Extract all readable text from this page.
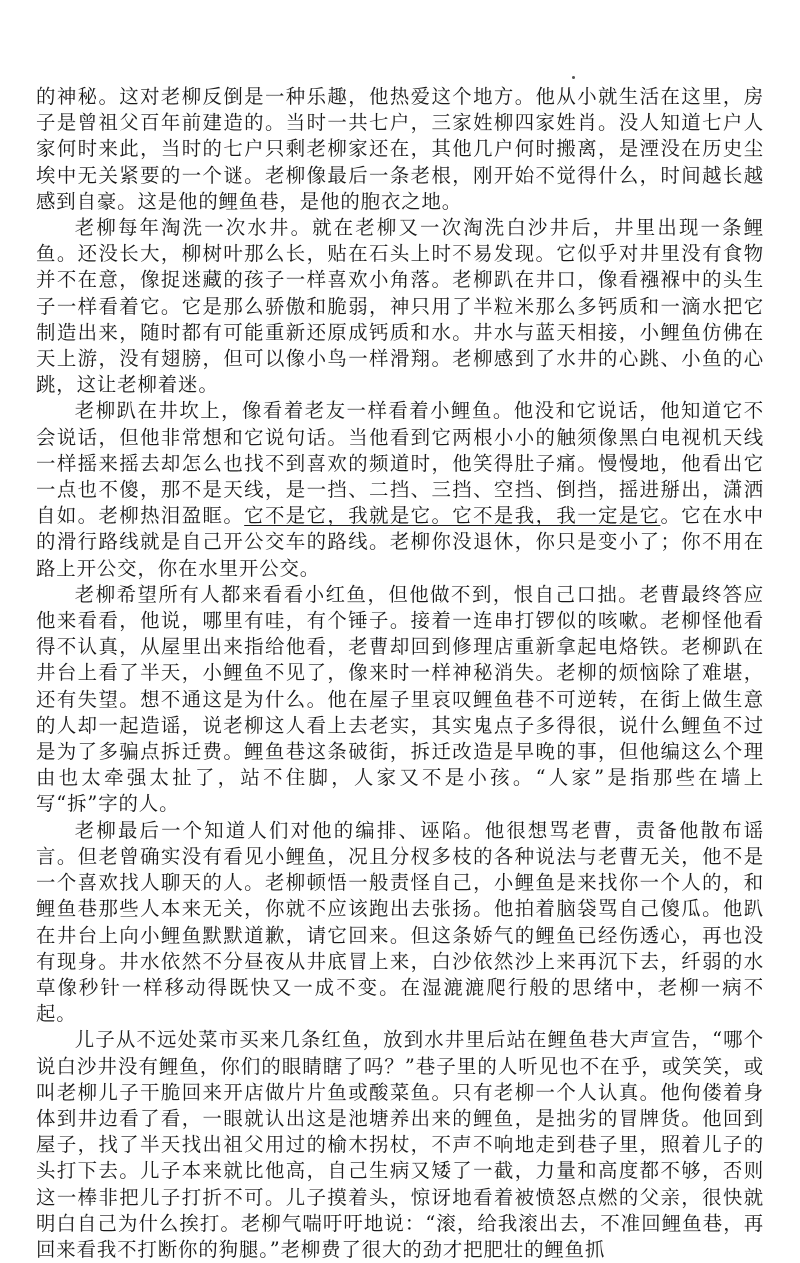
的神秘。这对老柳反倒是一种乐趣，他热爱这个地方。他从小就生活在这里，房子是曾祖父百年前建造的。当时一共七户，三家姓柳四家姓肖。没人知道七户人家何时来此，当时的七户只剩老柳家还在，其他几户何时搬离，是湮没在历史尘埃中无关紧要的一个谜。老柳像最后一条老根，刚开始不觉得什么，时间越长越感到自豪。这是他的鲤鱼巷，是他的胞衣之地。

老柳每年淘洗一次水井。就在老柳又一次淘洗白沙井后，井里出现一条鲤鱼。还没长大，柳树叶那么长，贴在石头上时不易发现。它似乎对井里没有食物并不在意，像捉迷藏的孩子一样喜欢小角落。老柳趴在井口，像看襁褓中的头生子一样看着它。它是那么骄傲和脆弱，神只用了半粒米那么多钙质和一滴水把它制造出来，随时都有可能重新还原成钙质和水。井水与蓝天相接，小鲤鱼仿佛在天上游，没有翅膀，但可以像小鸟一样滑翔。老柳感到了水井的心跳、小鱼的心跳，这让老柳着迷。

老柳趴在井坎上，像看着老友一样看着小鲤鱼。他没和它说话，他知道它不会说话，但他非常想和它说句话。当他看到它两根小小的触须像黑白电视机天线一样摇来摇去却怎么也找不到喜欢的频道时，他笑得肚子痛。慢慢地，他看出它一点也不傻，那不是天线，是一挡、二挡、三挡、空挡、倒挡，摇进掰出，潇洒自如。老柳热泪盈眶。它不是它，我就是它。它不是我，我一定是它。它在水中的滑行路线就是自己开公交车的路线。老柳你没退休，你只是变小了；你不用在路上开公交，你在水里开公交。

老柳希望所有人都来看看小红鱼，但他做不到，恨自己口拙。老曹最终答应他来看看，他说，哪里有哇，有个锤子。接着一连串打锣似的咳嗽。老柳怪他看得不认真，从屋里出来指给他看，老曹却回到修理店重新拿起电烙铁。老柳趴在井台上看了半天，小鲤鱼不见了，像来时一样神秘消失。老柳的烦恼除了难堪，还有失望。想不通这是为什么。他在屋子里哀叹鲤鱼巷不可逆转，在街上做生意的人却一起造谣，说老柳这人看上去老实，其实鬼点子多得很，说什么鲤鱼不过是为了多骗点拆迁费。鲤鱼巷这条破街，拆迁改造是早晚的事，但他编这么个理由也太牵强太扯了，站不住脚，人家又不是小孩。“人家”是指那些在墙上写“拆”字的人。

老柳最后一个知道人们对他的编排、诬陷。他很想骂老曹，责备他散布谣言。但老曾确实没有看见小鲤鱼，况且分杈多枝的各种说法与老曹无关，他不是一个喜欢找人聊天的人。老柳顿悟一般责怪自己，小鲤鱼是来找你一个人的，和鲤鱼巷那些人本来无关，你就不应该跑出去张扬。他拍着脑袋骂自己傻瓜。他趴在井台上向小鲤鱼默默道歉，请它回来。但这条娇气的鲤鱼已经伤透心，再也没有现身。井水依然不分昼夜从井底冒上来，白沙依然沙上来再沉下去，纤弱的水草像秒针一样移动得既快又一成不变。在湿漉漉爬行般的思绪中，老柳一病不起。

儿子从不远处菜市买来几条红鱼，放到水井里后站在鲤鱼巷大声宣告，“哪个说白沙井没有鲤鱼，你们的眼睛瞎了吗？”巷子里的人听见也不在乎，或笑笑，或叫老柳儿子干脆回来开店做片片鱼或酸菜鱼。只有老柳一个人认真。他佝偻着身体到井边看了看，一眼就认出这是池塘养出来的鲤鱼，是拙劣的冒牌货。他回到屋子，找了半天找出祖父用过的榆木拐杖，不声不响地走到巷子里，照着儿子的头打下去。儿子本来就比他高，自己生病又矮了一截，力量和高度都不够，否则这一棒非把儿子打折不可。儿子摸着头，惊讶地看着被愤怒点燃的父亲，很快就明白自己为什么挨打。老柳气喘吁吁地说：“滚，给我滚出去，不准回鲤鱼巷，再回来看我不打断你的狗腿。”老柳费了很大的劲才把肥壮的鲤鱼抓
